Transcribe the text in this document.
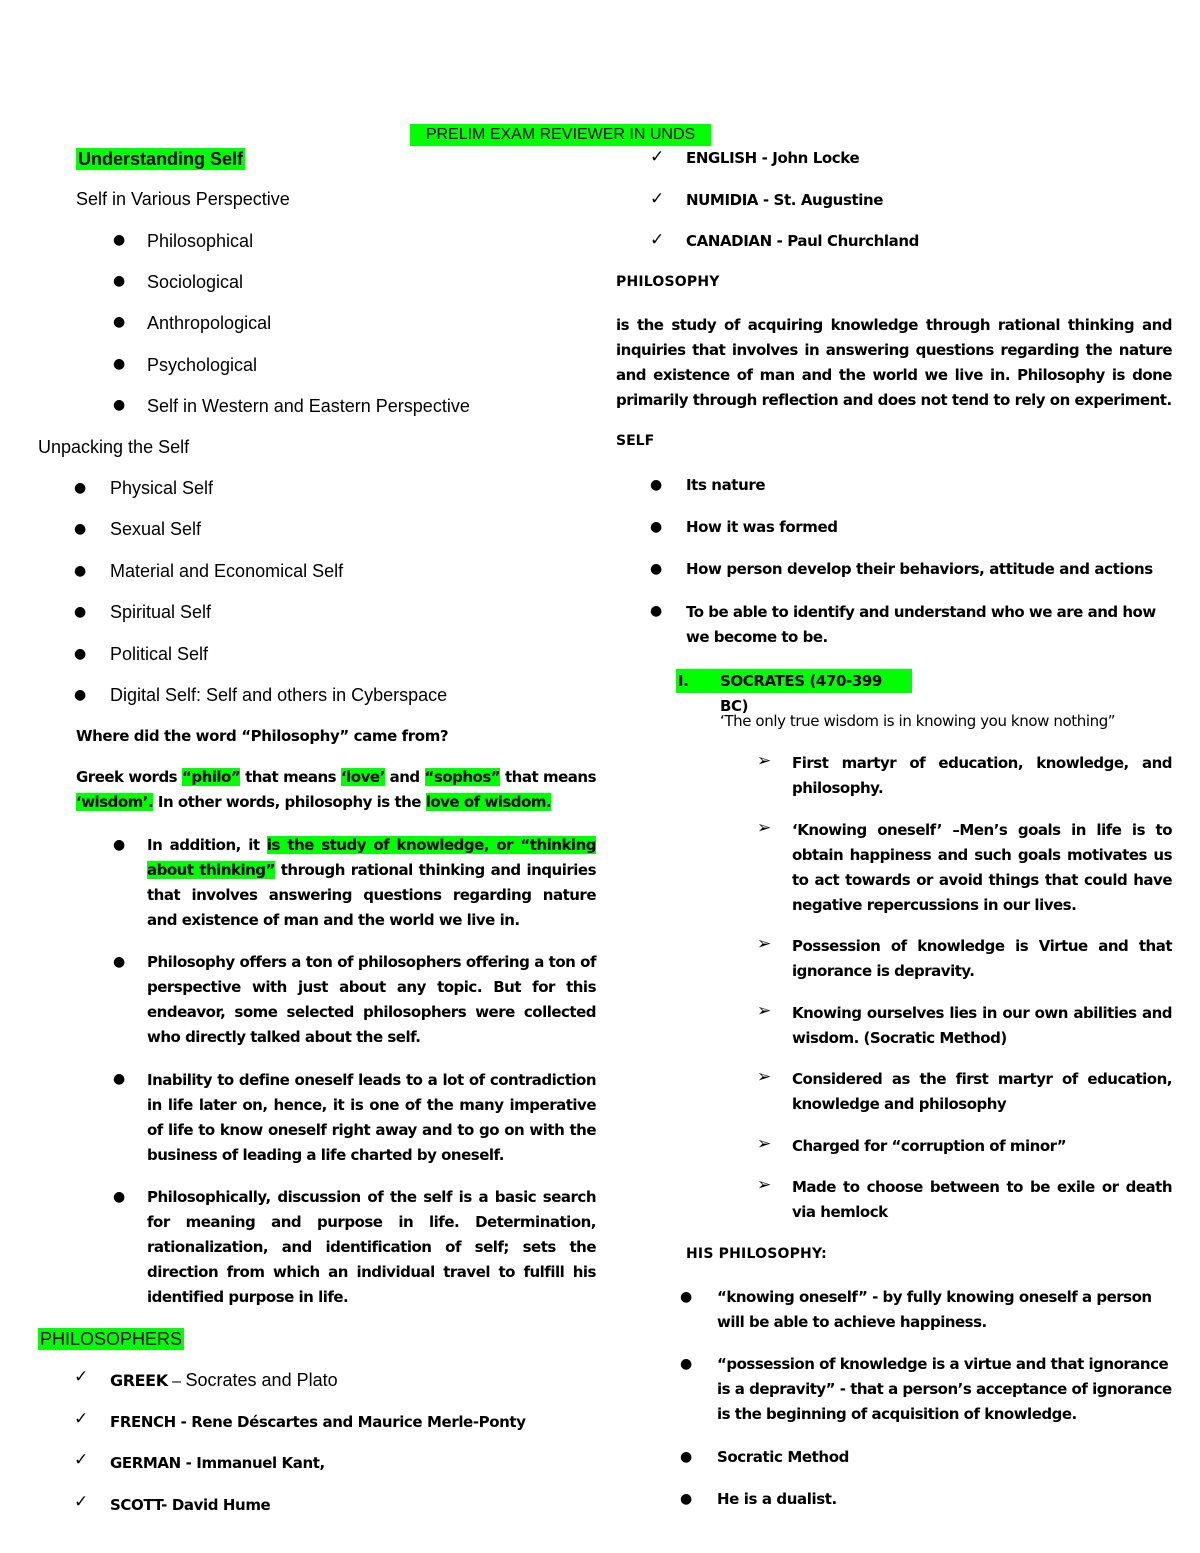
PRELIM EXAM REVIEWER IN UNDS
Understanding Self
Self in Various Perspective
● Philosophical
● Sociological
● Anthropological
● Psychological
● Self in Western and Eastern Perspective
Unpacking the Self
● Physical Self
● Sexual Self
● Material and Economical Self
● Spiritual Self
● Political Self
● Digital Self: Self and others in Cyberspace
Where did the word “Philosophy” came from?
Greek words “philo” that means ‘love’ and “sophos” that means ‘wisdom’. In other words, philosophy is the love of wisdom.
● In addition, it is the study of knowledge, or “thinking about thinking” through rational thinking and inquiries that involves answering questions regarding nature and existence of man and the world we live in.
● Philosophy offers a ton of philosophers offering a ton of perspective with just about any topic. But for this endeavor, some selected philosophers were collected who directly talked about the self.
● Inability to define oneself leads to a lot of contradiction in life later on, hence, it is one of the many imperative of life to know oneself right away and to go on with the business of leading a life charted by oneself.
● Philosophically, discussion of the self is a basic search for meaning and purpose in life. Determination, rationalization, and identification of self; sets the direction from which an individual travel to fulfill his identified purpose in life.
PHILOSOPHERS
✓ GREEK – Socrates and Plato
✓ FRENCH - Rene Déscartes and Maurice Merle-Ponty
✓ GERMAN - Immanuel Kant,
✓ SCOTT- David Hume
✓ ENGLISH - John Locke
✓ NUMIDIA - St. Augustine
✓ CANADIAN - Paul Churchland
PHILOSOPHY
is the study of acquiring knowledge through rational thinking and inquiries that involves in answering questions regarding the nature and existence of man and the world we live in. Philosophy is done primarily through reflection and does not tend to rely on experiment.
SELF
● Its nature
● How it was formed
● How person develop their behaviors, attitude and actions
● To be able to identify and understand who we are and how we become to be.
I. SOCRATES (470-399 BC)
‘The only true wisdom is in knowing you know nothing”
➢ First martyr of education, knowledge, and philosophy.
➢ ‘Knowing oneself’ –Men’s goals in life is to obtain happiness and such goals motivates us to act towards or avoid things that could have negative repercussions in our lives.
➢ Possession of knowledge is Virtue and that ignorance is depravity.
➢ Knowing ourselves lies in our own abilities and wisdom. (Socratic Method)
➢ Considered as the first martyr of education, knowledge and philosophy
➢ Charged for “corruption of minor”
➢ Made to choose between to be exile or death via hemlock
HIS PHILOSOPHY:
● “knowing oneself” - by fully knowing oneself a person will be able to achieve happiness.
● “possession of knowledge is a virtue and that ignorance is a depravity” - that a person’s acceptance of ignorance is the beginning of acquisition of knowledge.
● Socratic Method
● He is a dualist.
